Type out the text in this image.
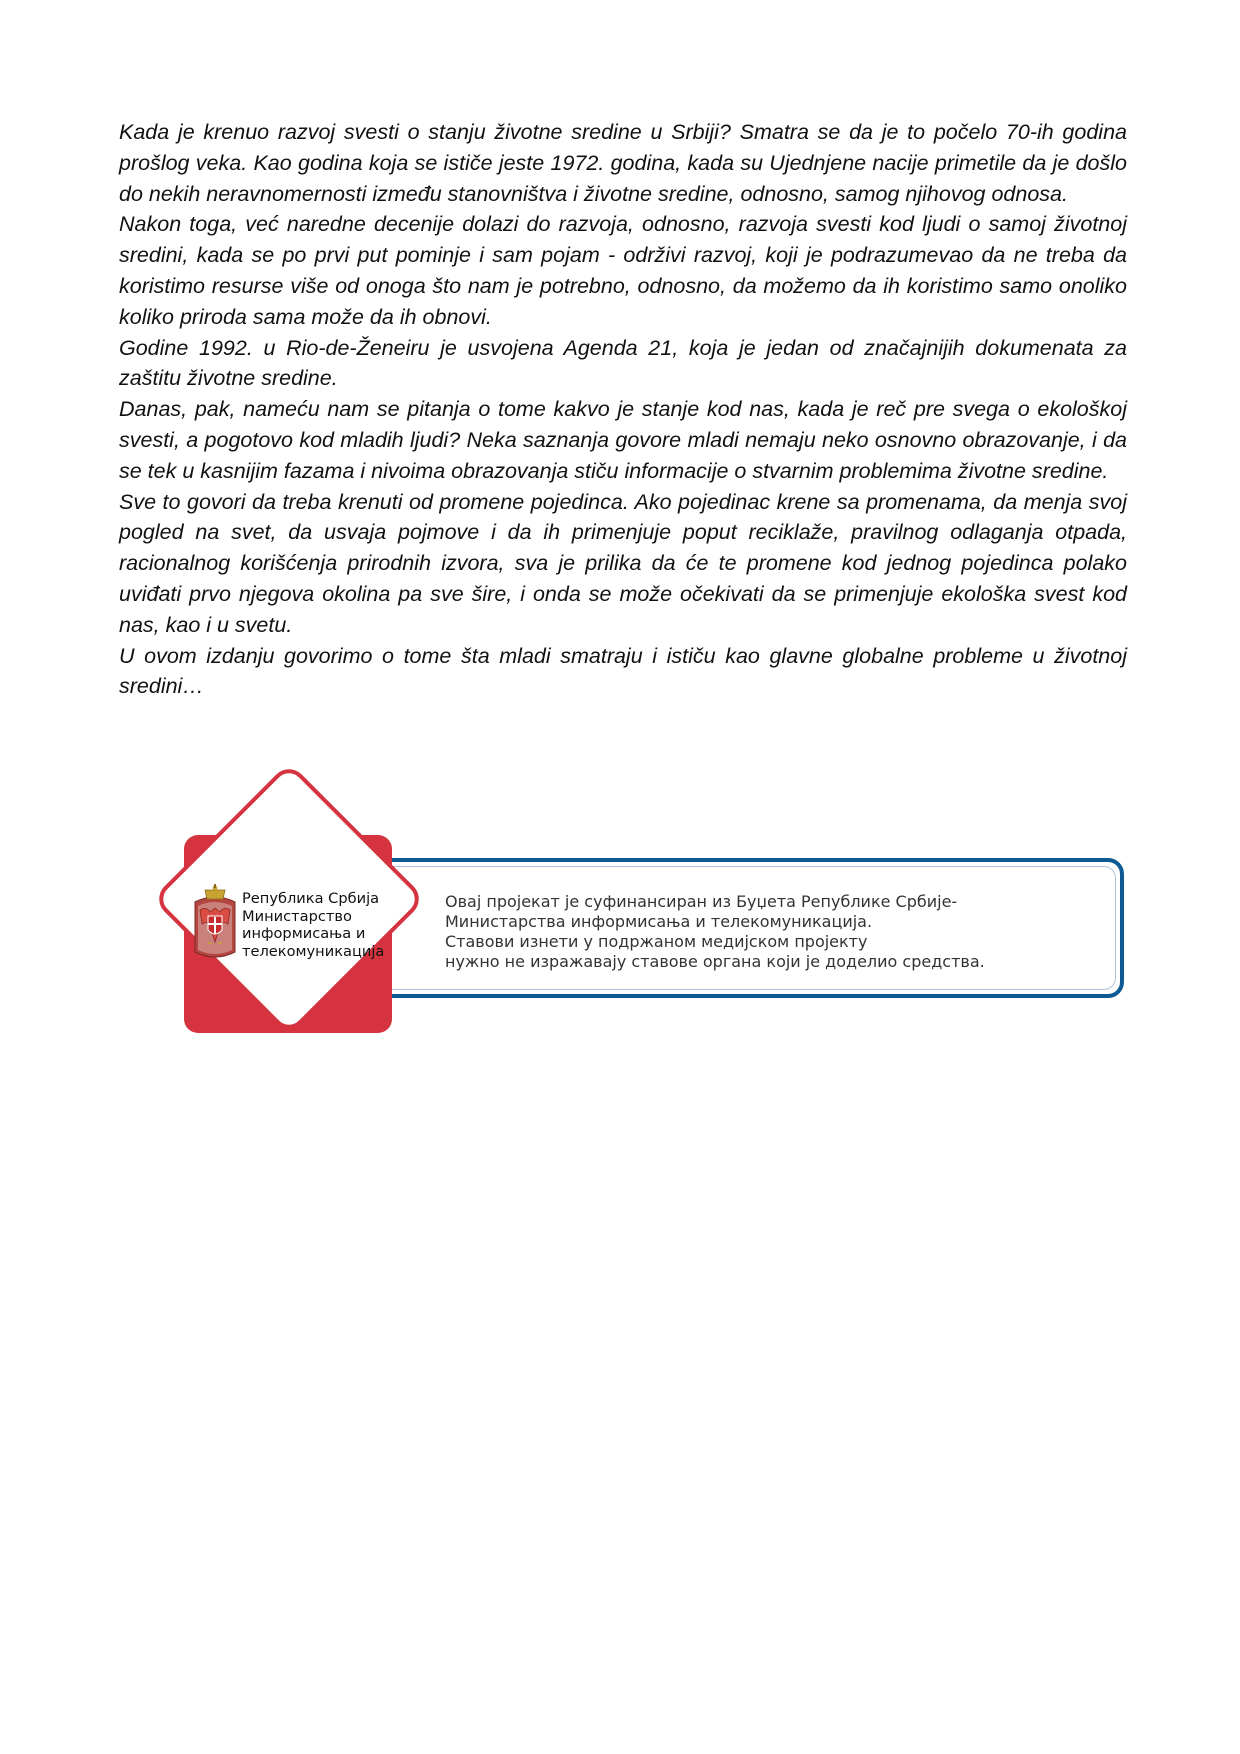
Kada je krenuo razvoj svesti o stanju životne sredine u Srbiji? Smatra se da je to počelo 70-ih godina prošlog veka. Kao godina koja se ističe jeste 1972. godina, kada su Ujednjene nacije primetile da je došlo do nekih neravnomernosti između stanovništva i životne sredine, odnosno, samog njihovog odnosa.

Nakon toga, već naredne decenije dolazi do razvoja, odnosno, razvoja svesti kod ljudi o samoj životnoj sredini, kada se po prvi put pominje i sam pojam - održivi razvoj, koji je podrazumevao da ne treba da koristimo resurse više od onoga što nam je potrebno, odnosno, da možemo da ih koristimo samo onoliko koliko priroda sama može da ih obnovi.

Godine 1992. u Rio-de-Ženeiru je usvojena Agenda 21, koja je jedan od značajnijih dokumenata za zaštitu životne sredine.

Danas, pak, nameću nam se pitanja o tome kakvo je stanje kod nas, kada je reč pre svega o ekološkoj svesti, a pogotovo kod mladih ljudi? Neka saznanja govore mladi nemaju neko osnovno obrazovanje, i da se tek u kasnijim fazama i nivoima obrazovanja stiču informacije o stvarnim problemima životne sredine.

Sve to govori da treba krenuti od promene pojedinca. Ako pojedinac krene sa promenama, da menja svoj pogled na svet, da usvaja pojmove i da ih primenjuje poput reciklaže, pravilnog odlaganja otpada, racionalnog korišćenja prirodnih izvora, sva je prilika da će te promene kod jednog pojedinca polako uviđati prvo njegova okolina pa sve šire, i onda se može očekivati da se primenjuje ekološka svest kod nas, kao i u svetu.

U ovom izdanju govorimo o tome šta mladi smatraju i ističu kao glavne globalne probleme u životnoj sredini…

Република Србија
Министарство
информисања и
телекомуникација
Овај пројекат је суфинансиран из Буџета Републике Србије-
Министарства информисања и телекомуникација.
Ставови изнети у подржаном медијском пројекту
нужно не изражавају ставове органа који је доделио средства.
